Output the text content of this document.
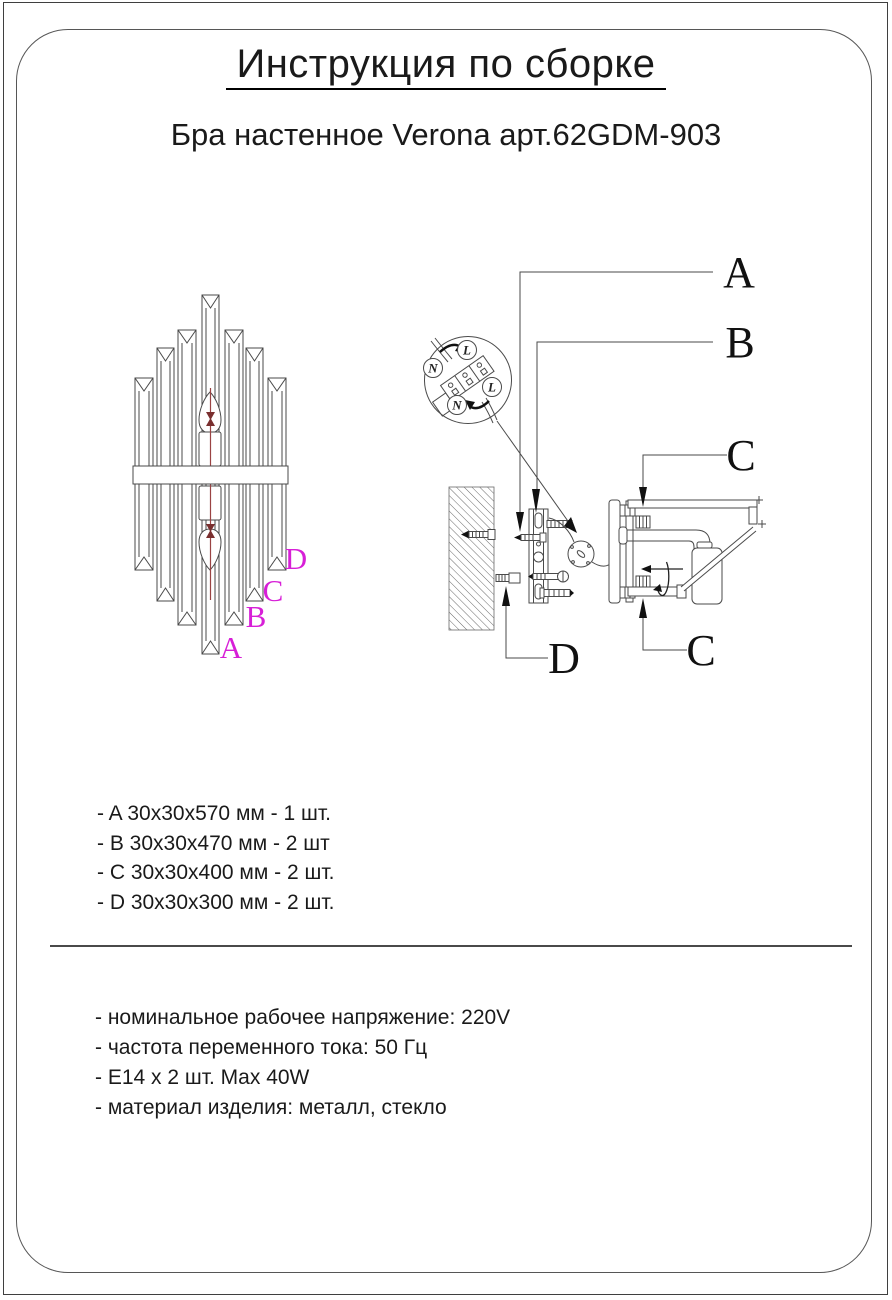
Инструкция по сборке
Бра настенное Verona арт.62GDM-903
D
C
B
A
N
L
N
L
A
B
C
C
D
- A 30x30x570 мм - 1 шт.
- B 30x30x470 мм - 2 шт
- C 30x30x400 мм - 2 шт.
- D 30x30x300 мм - 2 шт.
- номинальное рабочее напряжение: 220V
- частота переменного тока: 50 Гц
- E14 x 2 шт. Max 40W
- материал изделия: металл, стекло
